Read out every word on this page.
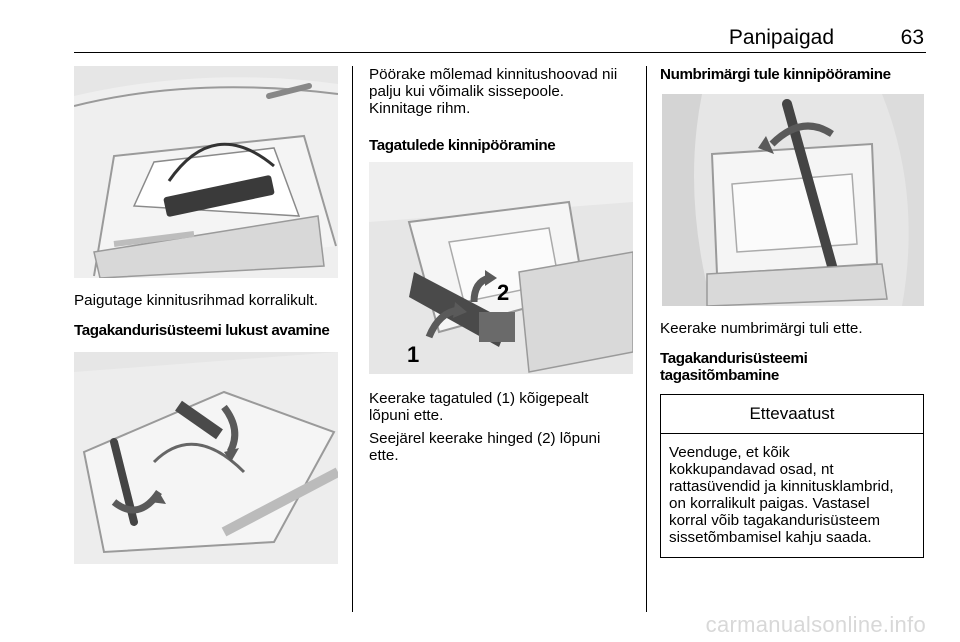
Panipaigad	63

Paigutage kinnitusrihmad korralikult.

Tagakandurisüsteemi lukust avamine

Pöörake mõlemad kinnitushoovad nii

palju kui võimalik sissepoole.

Kinnitage rihm.

Tagatulede kinnipööramine

1
2

Keerake tagatuled (1) kõigepealt

lõpuni ette.

Seejärel keerake hinged (2) lõpuni

ette.

Numbrimärgi tule kinnipööramine

Keerake numbrimärgi tuli ette.

Tagakandurisüsteemi

tagasitõmbamine

Ettevaatust
Veenduge, et kõik
kokkupandavad osad, nt
rattasüvendid ja kinnitusklambrid,
on korralikult paigas. Vastasel
korral võib tagakandurisüsteem
sissetõmbamisel kahju saada.
carmanualsonline.info
